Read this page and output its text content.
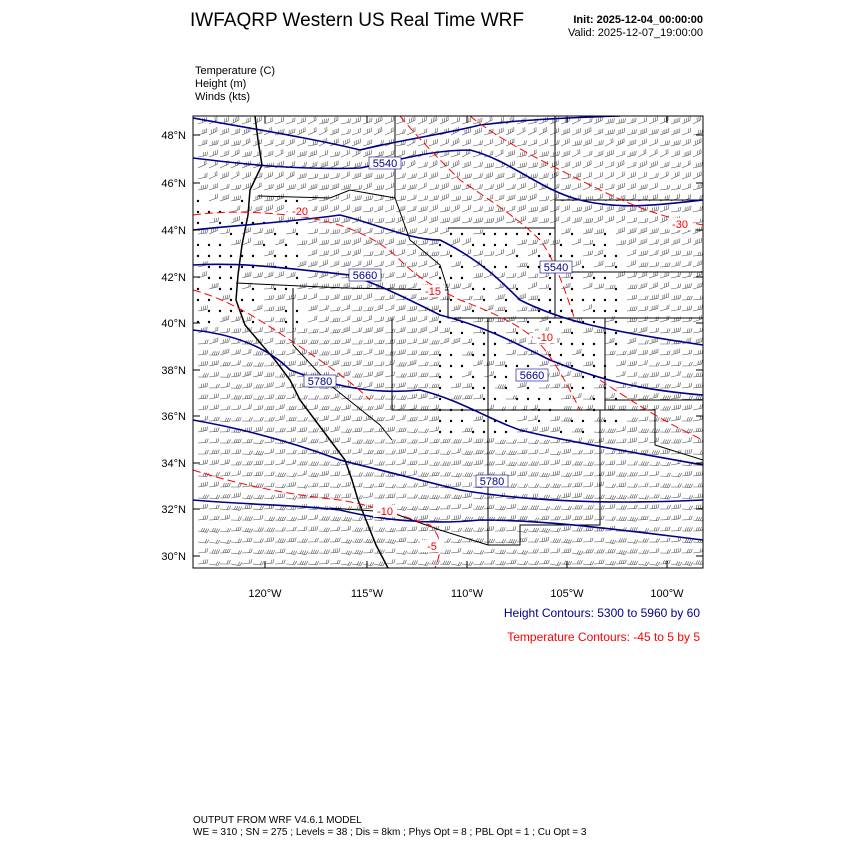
IWFAQRP Western US Real Time WRF	Init: 2025-12-04_00:00:00
Valid: 2025-12-07_19:00:00
Temperature (C)
Height (m)
Winds (kts)
48°N
46°N
44°N
42°N
40°N
38°N
36°N
34°N
32°N
30°N
120°W	115°W	110°W	105°W	100°W
5540
5660
5780	5660
5540
5780
-20
-15
-10
-5
-30
-10
Height Contours: 5300 to 5960 by 60
Temperature Contours: -45 to 5 by 5
OUTPUT FROM WRF V4.6.1 MODEL
WE = 310 ; SN = 275 ; Levels = 38 ; Dis = 8km ; Phys Opt = 8 ; PBL Opt = 1 ; Cu Opt = 3
